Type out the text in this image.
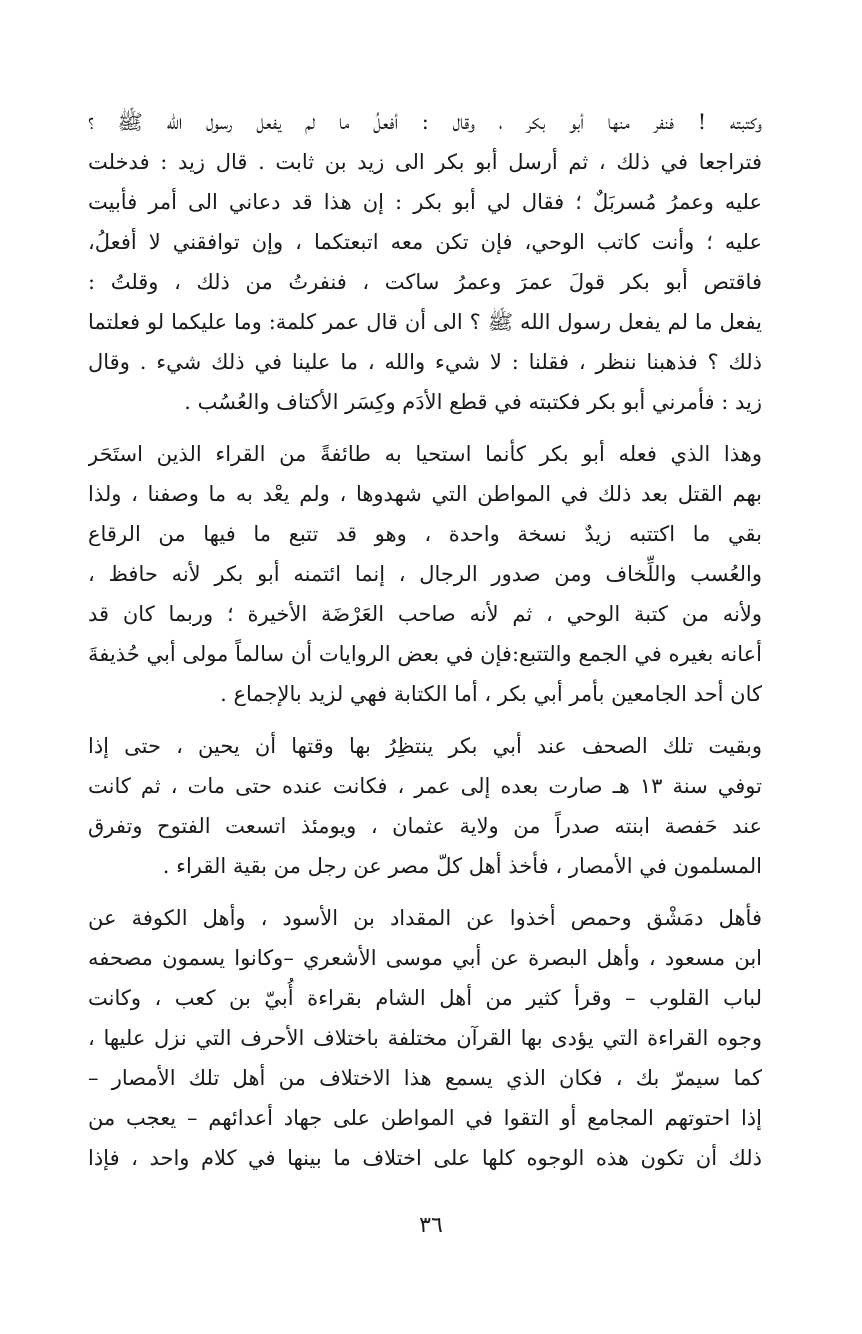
وكتبته ! فنفر منها أبو بكر ، وقال : أفعلُ ما لم يفعل رسول الله ﷺ ؟
فتراجعا في ذلك ، ثم أرسل أبو بكر الى زيد بن ثابت . قال زيد : فدخلت
عليه وعمرُ مُسربَلٌ ؛ فقال لي أبو بكر : إن هذا قد دعاني الى أمر فأبيت
عليه ؛ وأنت كاتب الوحي، فإن تكن معه اتبعتكما ، وإن توافقني لا أفعلُ،
فاقتص أبو بكر قولَ عمرَ وعمرُ ساكت ، فنفرتُ من ذلك ، وقلتُ :
يفعل ما لم يفعل رسول الله ﷺ ؟ الى أن قال عمر كلمة: وما عليكما لو فعلتما
ذلك ؟ فذهبنا ننظر ، فقلنا : لا شيء والله ، ما علينا في ذلك شيء . وقال
زيد : فأمرني أبو بكر فكتبته في قطع الأدَم وكِسَر الأكتاف والعُسُب .
وهذا الذي فعله أبو بكر كأنما استحيا به طائفةً من القراء الذين استَحَر
بهم القتل بعد ذلك في المواطن التي شهدوها ، ولم يعْد به ما وصفنا ، ولذا
بقي ما اكتتبه زيدٌ نسخة واحدة ، وهو قد تتبع ما فيها من الرقاع
والعُسب واللِّخاف ومن صدور الرجال ، إنما ائتمنه أبو بكر لأنه حافظ ،
ولأنه من كتبة الوحي ، ثم لأنه صاحب العَرْضَة الأخيرة ؛ وربما كان قد
أعانه بغيره في الجمع والتتبع:فإن في بعض الروايات أن سالماً مولى أبي حُذيفةَ
كان أحد الجامعين بأمر أبي بكر ، أما الكتابة فهي لزيد بالإجماع .
وبقيت تلك الصحف عند أبي بكر ينتظِرُ بها وقتها أن يحين ، حتى إذا
توفي سنة ١٣ هـ صارت بعده إلى عمر ، فكانت عنده حتى مات ، ثم كانت
عند حَفصة ابنته صدراً من ولاية عثمان ، ويومئذ اتسعت الفتوح وتفرق
المسلمون في الأمصار ، فأخذ أهل كلّ مصر عن رجل من بقية القراء .
فأهل دمَشْق وحمص أخذوا عن المقداد بن الأسود ، وأهل الكوفة عن
ابن مسعود ، وأهل البصرة عن أبي موسى الأشعري –وكانوا يسمون مصحفه
لباب القلوب – وقرأ كثير من أهل الشام بقراءة أُبيّ بن كعب ، وكانت
وجوه القراءة التي يؤدى بها القرآن مختلفة باختلاف الأحرف التي نزل عليها ،
كما سيمرّ بك ، فكان الذي يسمع هذا الاختلاف من أهل تلك الأمصار –
إذا احتوتهم المجامع أو التقوا في المواطن على جهاد أعدائهم – يعجب من
ذلك أن تكون هذه الوجوه كلها على اختلاف ما بينها في كلام واحد ، فإذا
٣٦
